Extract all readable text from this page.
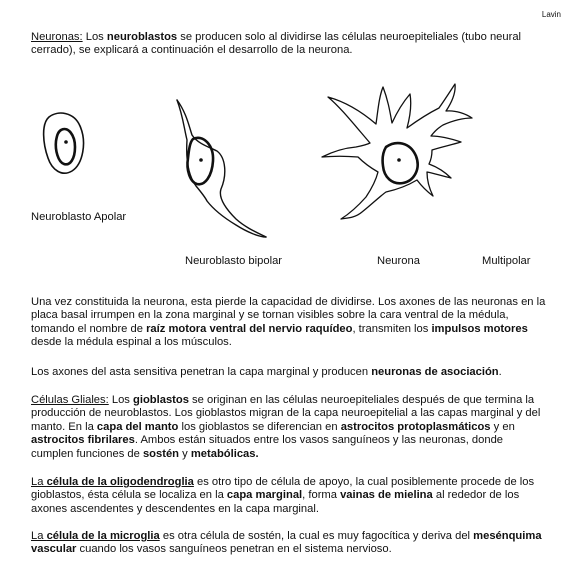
Lavin
Neuronas: Los neuroblastos se producen solo al dividirse las células neuroepiteliales (tubo neural cerrado), se explicará a continuación el desarrollo de la neurona.
Neuroblasto Apolar
Neuroblasto bipolar	Neurona	Multipolar
Una vez constituida la neurona, esta pierde la capacidad de dividirse. Los axones de las neuronas en la placa basal irrumpen en la zona marginal y se tornan visibles sobre la cara ventral de la médula, tomando el nombre de raíz motora ventral del nervio raquídeo, transmiten los impulsos motores desde la médula espinal a los músculos.
Los axones del asta sensitiva penetran la capa marginal y producen neuronas de asociación.
Células Gliales: Los gioblastos se originan en las células neuroepiteliales después de que termina la producción de neuroblastos. Los gioblastos migran de la capa neuroepitelial a las capas marginal y del manto. En la capa del manto los gioblastos se diferencian en astrocitos protoplasmáticos y en astrocitos fibrilares. Ambos están situados entre los vasos sanguíneos y las neuronas, donde cumplen funciones de sostén y metabólicas.
La célula de la oligodendroglia es otro tipo de célula de apoyo, la cual posiblemente procede de los gioblastos, ésta célula se localiza en la capa marginal, forma vainas de mielina al rededor de los axones ascendentes y descendentes en la capa marginal.
La célula de la microglia es otra célula de sostén, la cual es muy fagocítica y deriva del mesénquima vascular cuando los vasos sanguíneos penetran en el sistema nervioso.
